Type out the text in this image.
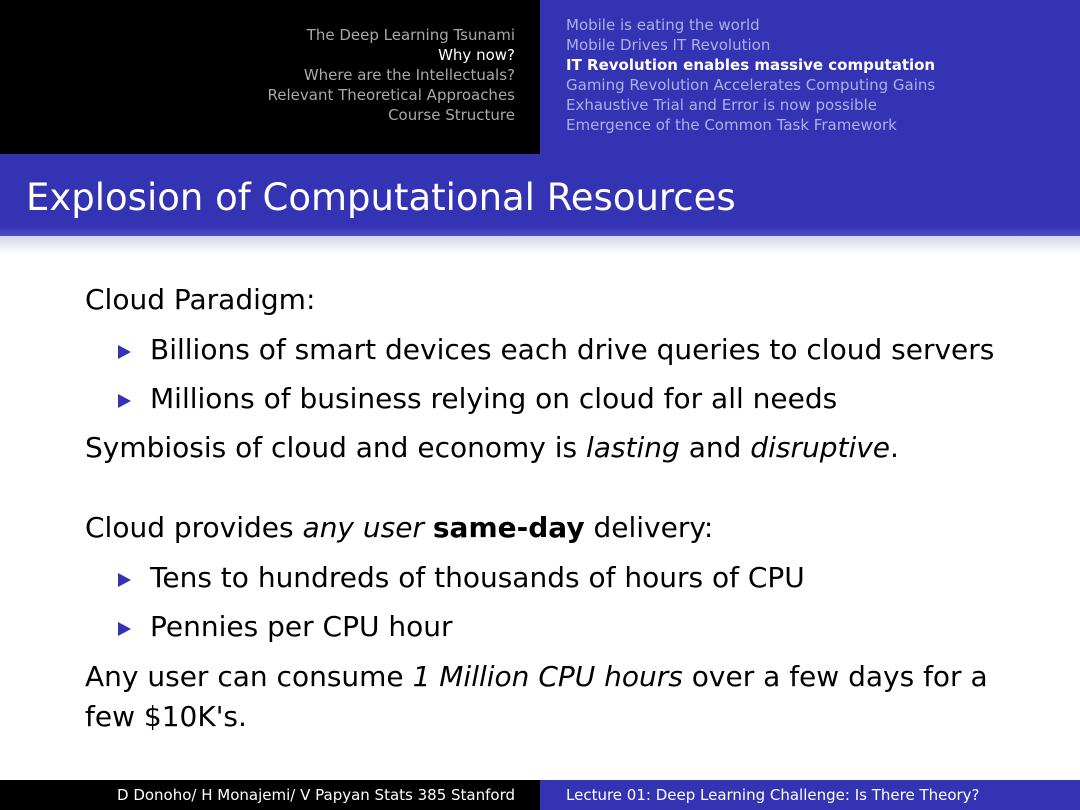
The Deep Learning Tsunami
Why now?
Where are the Intellectuals?
Relevant Theoretical Approaches
Course Structure
Mobile is eating the world
Mobile Drives IT Revolution
IT Revolution enables massive computation
Gaming Revolution Accelerates Computing Gains
Exhaustive Trial and Error is now possible
Emergence of the Common Task Framework
Explosion of Computational Resources
Cloud Paradigm:
Billions of smart devices each drive queries to cloud servers
Millions of business relying on cloud for all needs
Symbiosis of cloud and economy is lasting and disruptive.
Cloud provides any user same-day delivery:
Tens to hundreds of thousands of hours of CPU
Pennies per CPU hour
Any user can consume 1 Million CPU hours over a few days for a few $10K's.
D Donoho/ H Monajemi/ V Papyan Stats 385 Stanford	Lecture 01: Deep Learning Challenge: Is There Theory?
